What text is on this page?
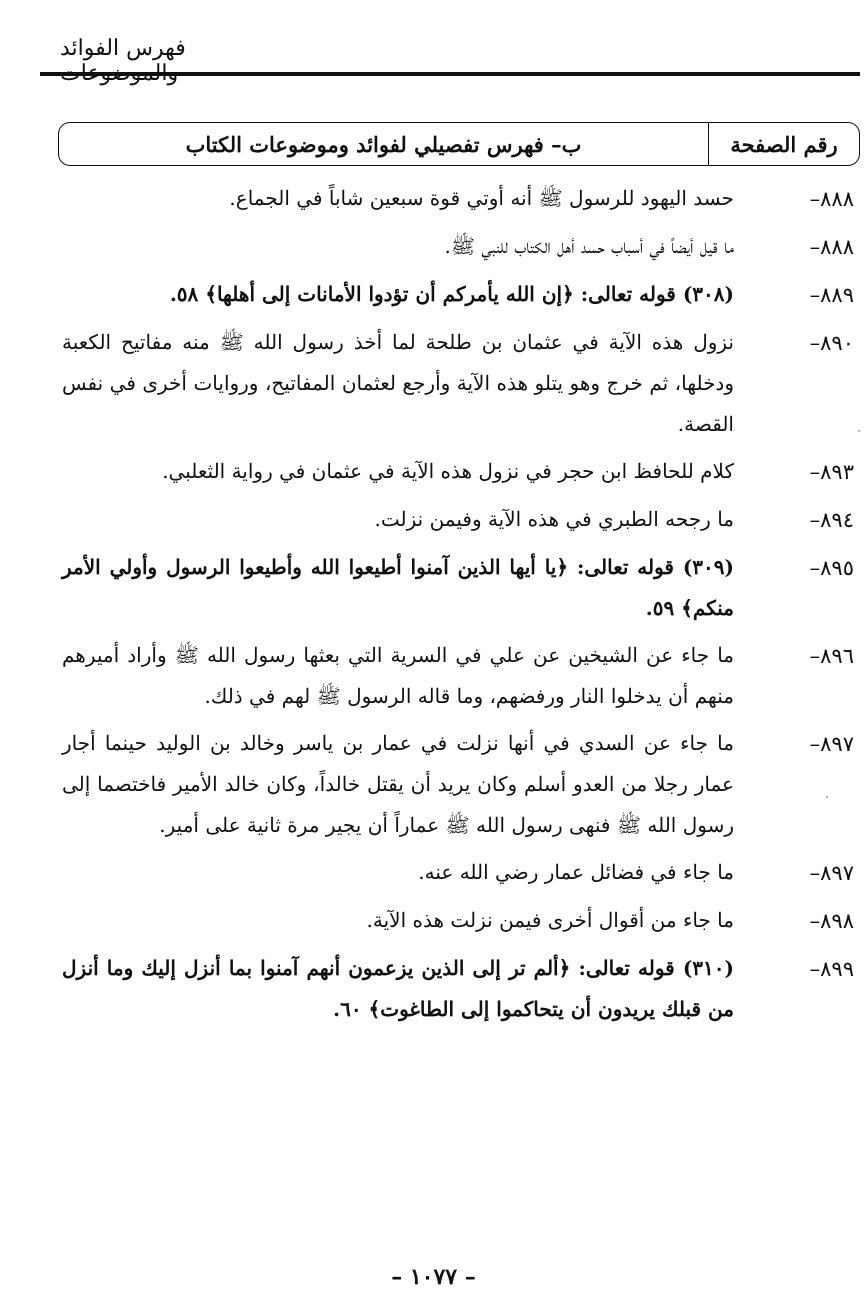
فهرس الفوائد والموضوعات
رقم الصفحة
ب– فهرس تفصيلي لفوائد وموضوعات الكتاب
٨٨٨–
حسد اليهود للرسول ﷺ أنه أوتي قوة سبعين شاباً في الجماع.
٨٨٨–
ما قيل أيضاً في أسباب حسد أهل الكتاب للنبي ﷺ.
٨٨٩–
(٣٠٨) قوله تعالى: ﴿إن الله يأمركم أن تؤدوا الأمانات إلى أهلها﴾ ٥٨.
٨٩٠–
نزول هذه الآية في عثمان بن طلحة لما أخذ رسول الله ﷺ منه مفاتيح الكعبة ودخلها، ثم خرج وهو يتلو هذه الآية وأرجع لعثمان المفاتيح، وروايات أخرى في نفس القصة.
٨٩٣–
كلام للحافظ ابن حجر في نزول هذه الآية في عثمان في رواية الثعلبي.
٨٩٤–
ما رجحه الطبري في هذه الآية وفيمن نزلت.
٨٩٥–
(٣٠٩) قوله تعالى: ﴿يا أيها الذين آمنوا أطيعوا الله وأطيعوا الرسول وأولي الأمر منكم﴾ ٥٩.
٨٩٦–
ما جاء عن الشيخين عن علي في السرية التي بعثها رسول الله ﷺ وأراد أميرهم منهم أن يدخلوا النار ورفضهم، وما قاله الرسول ﷺ لهم في ذلك.
٨٩٧–
ما جاء عن السدي في أنها نزلت في عمار بن ياسر وخالد بن الوليد حينما أجار عمار رجلا من العدو أسلم وكان يريد أن يقتل خالداً، وكان خالد الأمير فاختصما إلى رسول الله ﷺ فنهى رسول الله ﷺ عماراً أن يجير مرة ثانية على أمير.
٨٩٧–
ما جاء في فضائل عمار رضي الله عنه.
٨٩٨–
ما جاء من أقوال أخرى فيمن نزلت هذه الآية.
٨٩٩–
(٣١٠) قوله تعالى: ﴿ألم تر إلى الذين يزعمون أنهم آمنوا بما أنزل إليك وما أنزل من قبلك يريدون أن يتحاكموا إلى الطاغوت﴾ ٦٠.
– ١٠٧٧ –
